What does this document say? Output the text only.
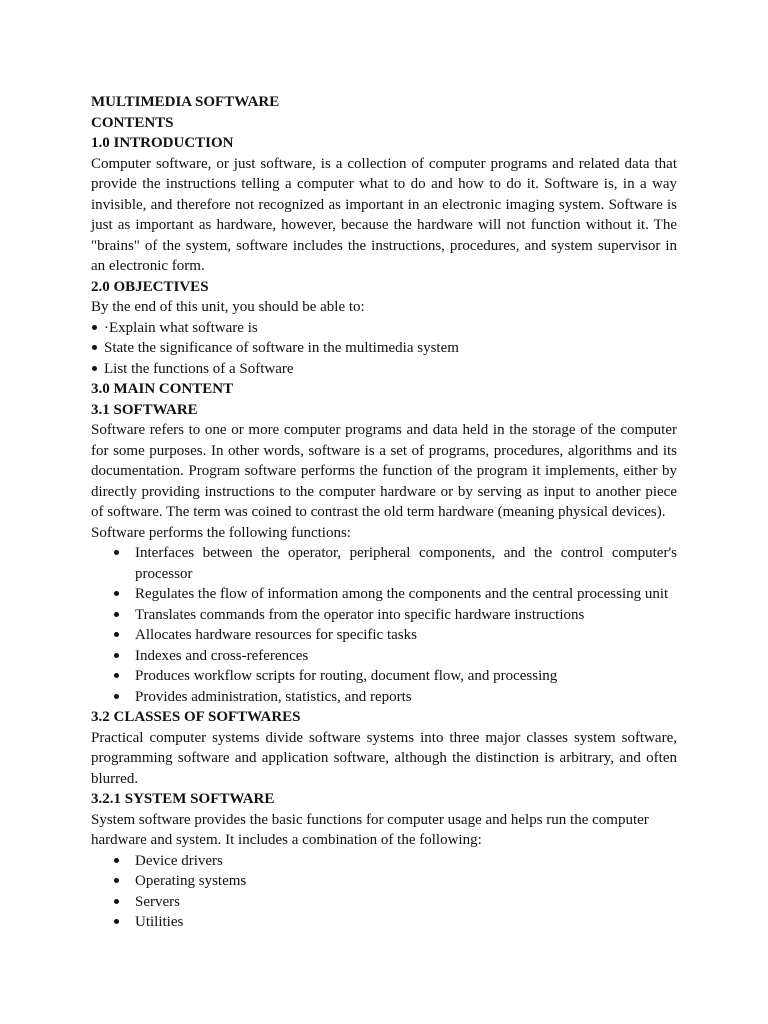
MULTIMEDIA SOFTWARE
CONTENTS
1.0 INTRODUCTION

Computer software, or just software, is a collection of computer programs and related data that provide the instructions telling a computer what to do and how to do it. Software is, in a way invisible, and therefore not recognized as important in an electronic imaging system. Software is just as important as hardware, however, because the hardware will not function without it. The "brains" of the system, software includes the instructions, procedures, and system supervisor in an electronic form.

2.0 OBJECTIVES

By the end of this unit, you should be able to:

·Explain what software is
State the significance of software in the multimedia system
List the functions of a Software
3.0 MAIN CONTENT
3.1 SOFTWARE

Software refers to one or more computer programs and data held in the storage of the computer for some purposes. In other words, software is a set of programs, procedures, algorithms and its documentation. Program software performs the function of the program it implements, either by directly providing instructions to the computer hardware or by serving as input to another piece of software. The term was coined to contrast the old term hardware (meaning physical devices).

Software performs the following functions:

Interfaces between the operator, peripheral components, and the control computer's processor
Regulates the flow of information among the components and the central processing unit
Translates commands from the operator into specific hardware instructions
Allocates hardware resources for specific tasks
Indexes and cross-references
Produces workflow scripts for routing, document flow, and processing
Provides administration, statistics, and reports
3.2 CLASSES OF SOFTWARES

Practical computer systems divide software systems into three major classes system software, programming software and application software, although the distinction is arbitrary, and often blurred.

3.2.1 SYSTEM SOFTWARE

System software provides the basic functions for computer usage and helps run the computer hardware and system. It includes a combination of the following:

Device drivers
Operating systems
Servers
Utilities
